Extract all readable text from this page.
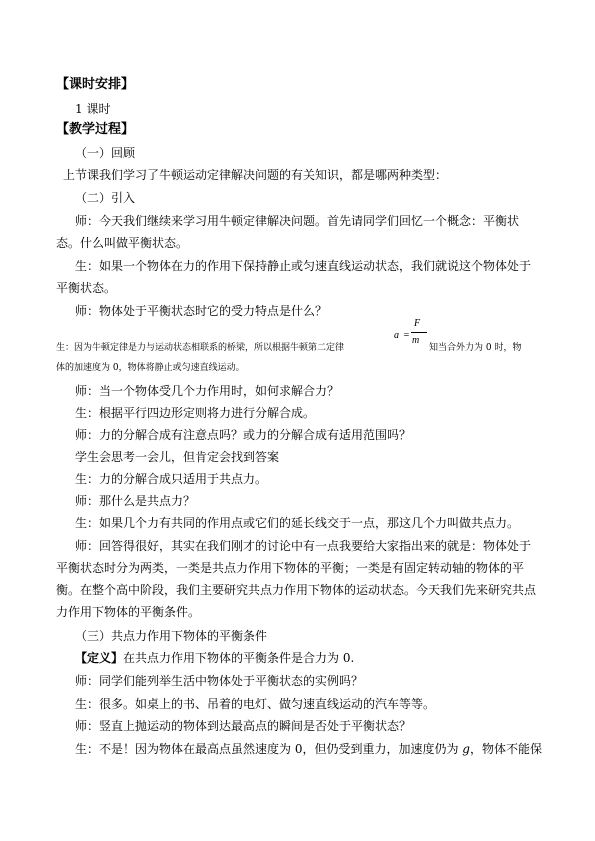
【课时安排】
1 课时
【教学过程】
（一）回顾
上节课我们学习了牛顿运动定律解决问题的有关知识，都是哪两种类型：
（二）引入
师：今天我们继续来学习用牛顿定律解决问题。首先请同学们回忆一个概念：平衡状
态。什么叫做平衡状态。
生：如果一个物体在力的作用下保持静止或匀速直线运动状态，我们就说这个物体处于
平衡状态。
师：物体处于平衡状态时它的受力特点是什么？
生：因为牛顿定律是力与运动状态相联系的桥梁，所以根据牛顿第二定律
a =
F
m
知当合外力为 0 时，物
体的加速度为 0，物体将静止或匀速直线运动。
师：当一个物体受几个力作用时，如何求解合力？
生：根据平行四边形定则将力进行分解合成。
师：力的分解合成有注意点吗？或力的分解合成有适用范围吗？
学生会思考一会儿，但肯定会找到答案
生：力的分解合成只适用于共点力。
师：那什么是共点力？
生：如果几个力有共同的作用点或它们的延长线交于一点，那这几个力叫做共点力。
师：回答得很好，其实在我们刚才的讨论中有一点我要给大家指出来的就是：物体处于
平衡状态时分为两类，一类是共点力作用下物体的平衡；一类是有固定转动轴的物体的平
衡。在整个高中阶段，我们主要研究共点力作用下物体的运动状态。今天我们先来研究共点
力作用下物体的平衡条件。
（三）共点力作用下物体的平衡条件
【定义】在共点力作用下物体的平衡条件是合力为 0.
师：同学们能列举生活中物体处于平衡状态的实例吗？
生：很多。如桌上的书、吊着的电灯、做匀速直线运动的汽车等等。
师：竖直上抛运动的物体到达最高点的瞬间是否处于平衡状态？
生：不是！因为物体在最高点虽然速度为 0，但仍受到重力，加速度仍为 g，物体不能保
